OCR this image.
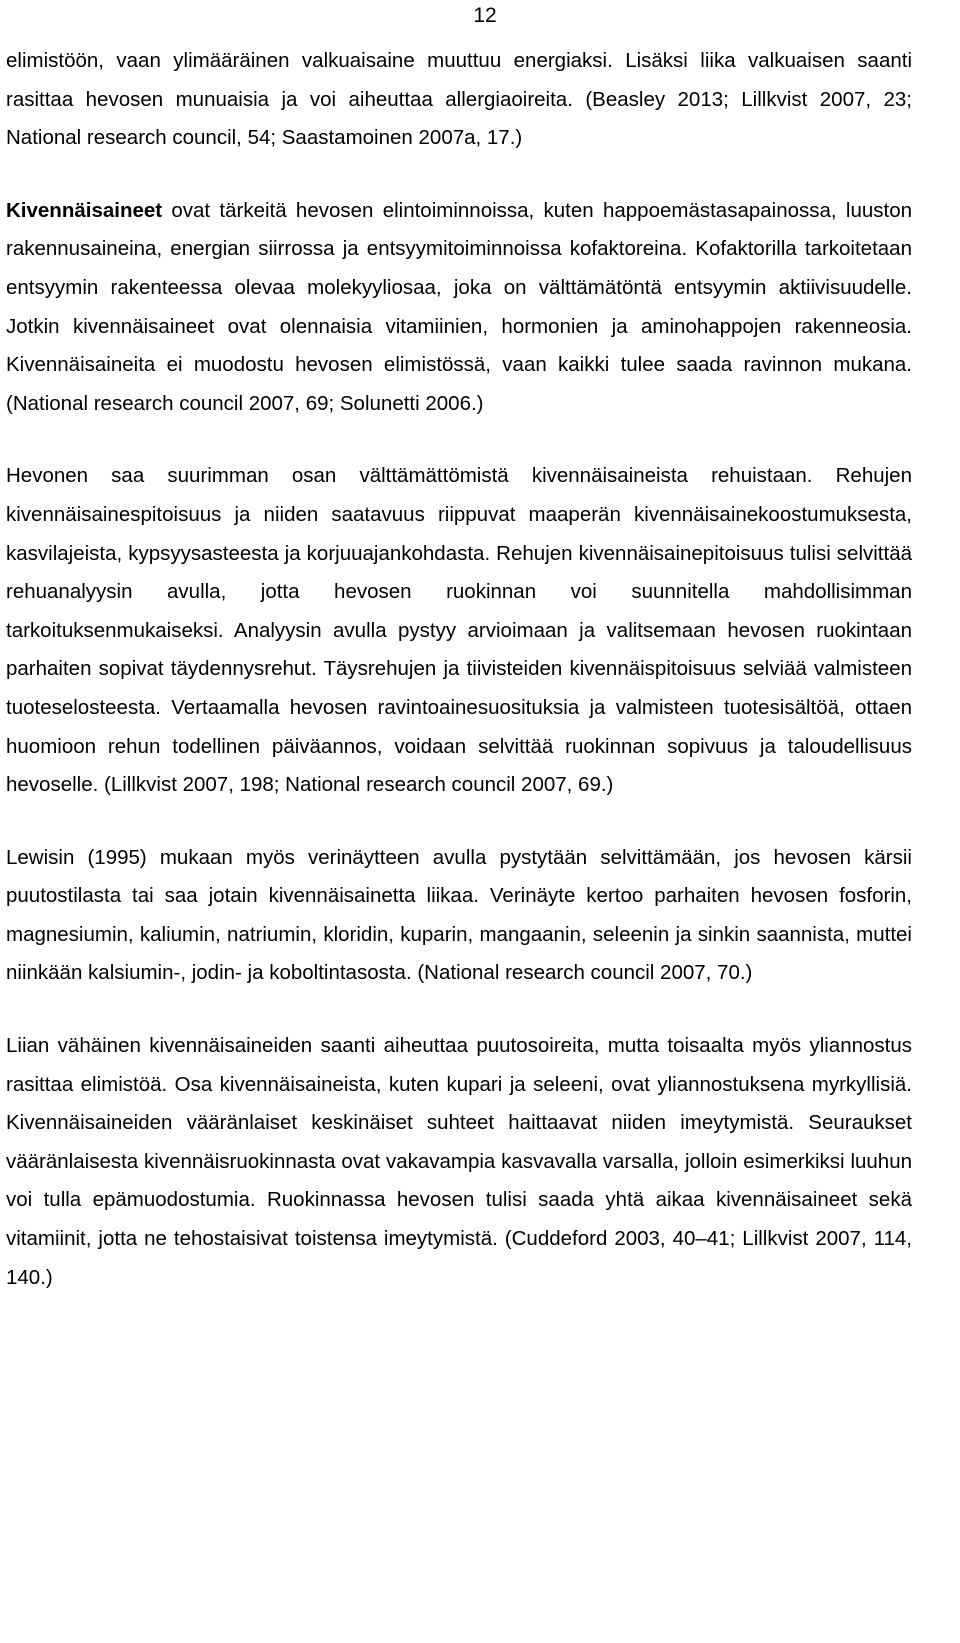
12

elimistöön, vaan ylimääräinen valkuaisaine muuttuu energiaksi. Lisäksi liika valkuaisen saanti rasittaa hevosen munuaisia ja voi aiheuttaa allergiaoireita. (Beasley 2013; Lillkvist 2007, 23; National research council, 54; Saastamoinen 2007a, 17.)

Kivennäisaineet ovat tärkeitä hevosen elintoiminnoissa, kuten happoemästasapainossa, luuston rakennusaineina, energian siirrossa ja entsyymitoiminnoissa kofaktoreina. Kofaktorilla tarkoitetaan entsyymin rakenteessa olevaa molekyyliosaa, joka on välttämätöntä entsyymin aktiivisuudelle. Jotkin kivennäisaineet ovat olennaisia vitamiinien, hormonien ja aminohappojen rakenneosia. Kivennäisaineita ei muodostu hevosen elimistössä, vaan kaikki tulee saada ravinnon mukana. (National research council 2007, 69; Solunetti 2006.)

Hevonen saa suurimman osan välttämättömistä kivennäisaineista rehuistaan. Rehujen kivennäisainespitoisuus ja niiden saatavuus riippuvat maaperän kivennäisainekoostumuksesta, kasvilajeista, kypsyysasteesta ja korjuuajankohdasta. Rehujen kivennäisainepitoisuus tulisi selvittää rehuanalyysin avulla, jotta hevosen ruokinnan voi suunnitella mahdollisimman tarkoituksenmukaiseksi. Analyysin avulla pystyy arvioimaan ja valitsemaan hevosen ruokintaan parhaiten sopivat täydennysrehut. Täysrehujen ja tiivisteiden kivennäispitoisuus selviää valmisteen tuoteselosteesta. Vertaamalla hevosen ravintoainesuosituksia ja valmisteen tuotesisältöä, ottaen huomioon rehun todellinen päiväannos, voidaan selvittää ruokinnan sopivuus ja taloudellisuus hevoselle. (Lillkvist 2007, 198; National research council 2007, 69.)

Lewisin (1995) mukaan myös verinäytteen avulla pystytään selvittämään, jos hevosen kärsii puutostilasta tai saa jotain kivennäisainetta liikaa. Verinäyte kertoo parhaiten hevosen fosforin, magnesiumin, kaliumin, natriumin, kloridin, kuparin, mangaanin, seleenin ja sinkin saannista, muttei niinkään kalsiumin-, jodin- ja koboltintasosta. (National research council 2007, 70.)

Liian vähäinen kivennäisaineiden saanti aiheuttaa puutosoireita, mutta toisaalta myös yliannostus rasittaa elimistöä. Osa kivennäisaineista, kuten kupari ja seleeni, ovat yliannostuksena myrkyllisiä. Kivennäisaineiden vääränlaiset keskinäiset suhteet haittaavat niiden imeytymistä. Seuraukset vääränlaisesta kivennäisruokinnasta ovat vakavampia kasvavalla varsalla, jolloin esimerkiksi luuhun voi tulla epämuodostumia. Ruokinnassa hevosen tulisi saada yhtä aikaa kivennäisaineet sekä vitamiinit, jotta ne tehostaisivat toistensa imeytymistä. (Cuddeford 2003, 40–41; Lillkvist 2007, 114, 140.)
